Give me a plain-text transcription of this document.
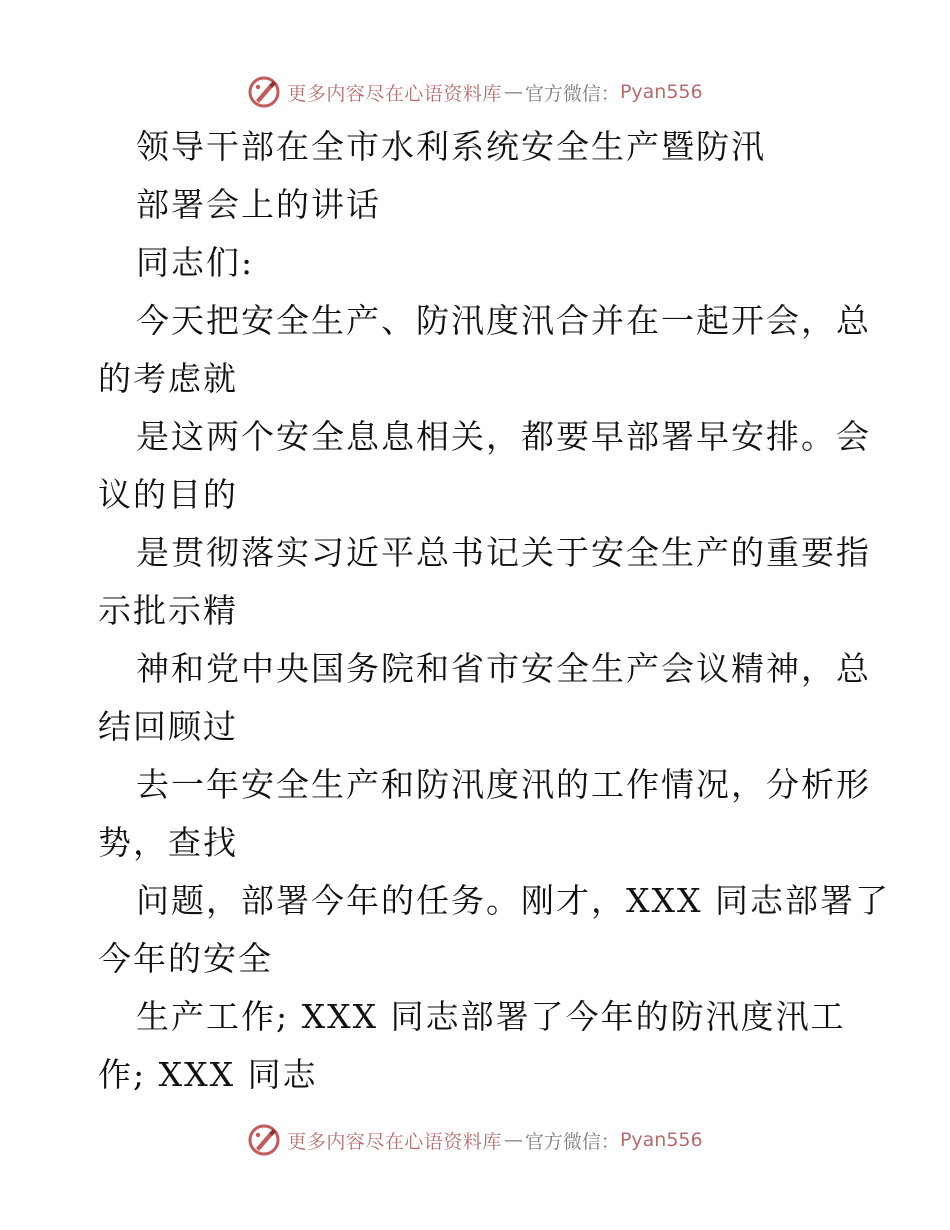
更多内容尽在心语资料库 — 官方微信： Pyan556
领导干部在全市水利系统安全生产暨防汛
部署会上的讲话
同志们:
今天把安全生产、防汛度汛合并在一起开会，总
的考虑就
是这两个安全息息相关，都要早部署早安排。会
议的目的
是贯彻落实习近平总书记关于安全生产的重要指
示批示精
神和党中央国务院和省市安全生产会议精神，总
结回顾过
去一年安全生产和防汛度汛的工作情况，分析形
势，查找
问题，部署今年的任务。刚才，XXX 同志部署了
今年的安全
生产工作; XXX 同志部署了今年的防汛度汛工
作; XXX 同志
更多内容尽在心语资料库 — 官方微信： Pyan556
